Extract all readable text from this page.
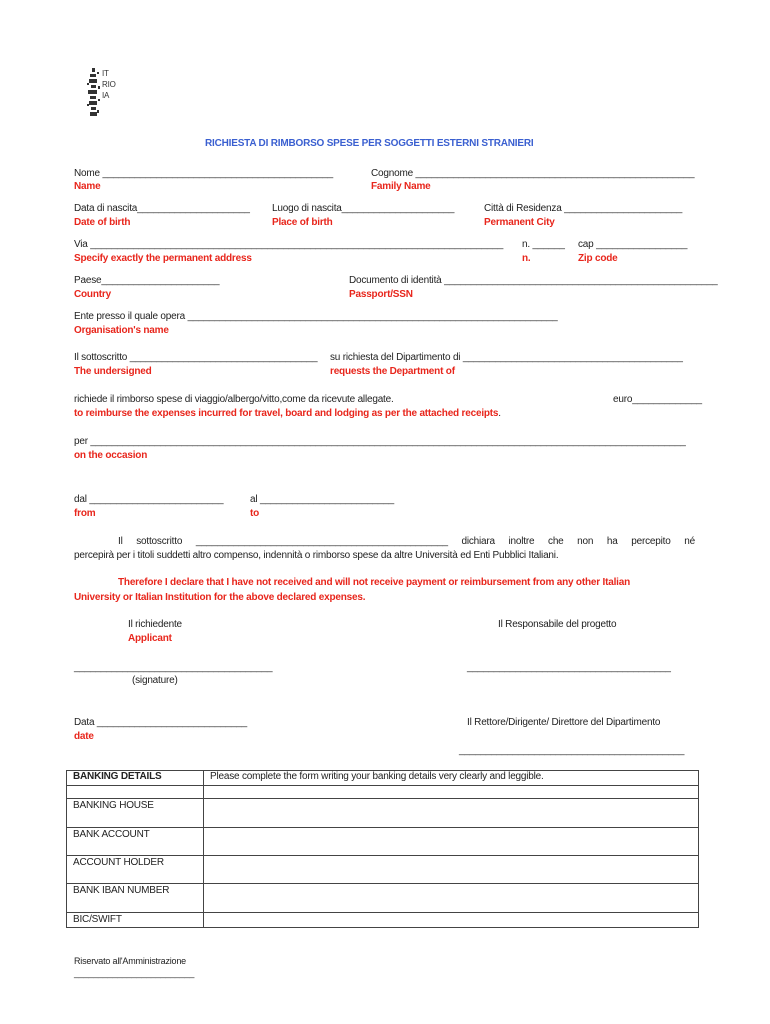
IT
RIO
IA
RICHIESTA DI RIMBORSO SPESE PER SOGGETTI ESTERNI STRANIERI
Nome ___________________________________________
Name
Cognome ____________________________________________________
Family Name
Data di nascita_____________________
Date of birth
Luogo di nascita_____________________
Place of birth
Città di Residenza ______________________
Permanent City
Via _____________________________________________________________________________
Specify exactly the permanent address
n. ______
n.
cap _________________
Zip code
Paese______________________
Country
Documento di identità ___________________________________________________
Passport/SSN
Ente presso il quale opera _____________________________________________________________________
Organisation's name
Il sottoscritto ___________________________________
The undersigned
su richiesta del Dipartimento di _________________________________________
requests the Department of
richiede il rimborso spese di viaggio/albergo/vitto,come da ricevute allegate.	euro_____________
to reimburse the expenses incurred for travel, board and lodging as per the attached receipts.
per _______________________________________________________________________________________________________________
on the occasion
dal _________________________
from
al _________________________
to
Il sottoscritto _______________________________________________ dichiara inoltre che non ha percepito né
percepirà per i titoli suddetti altro compenso, indennità o rimborso spese da altre Università ed Enti Pubblici Italiani.
Therefore I declare that I have not received and will not receive payment or reimbursement from any other Italian
University or Italian Institution for the above declared expenses.
Il richiedente
Applicant
Il Responsabile del progetto
_____________________________________	______________________________________
(signature)
Data ____________________________
date
Il Rettore/Dirigente/ Direttore del Dipartimento
__________________________________________
BANKING DETAILS	Please complete the form writing your banking details very clearly and leggible.

BANKING HOUSE	
BANK ACCOUNT	
ACCOUNT HOLDER	
BANK IBAN NUMBER	
BIC/SWIFT	
Riservato all'Amministrazione
_________________________
